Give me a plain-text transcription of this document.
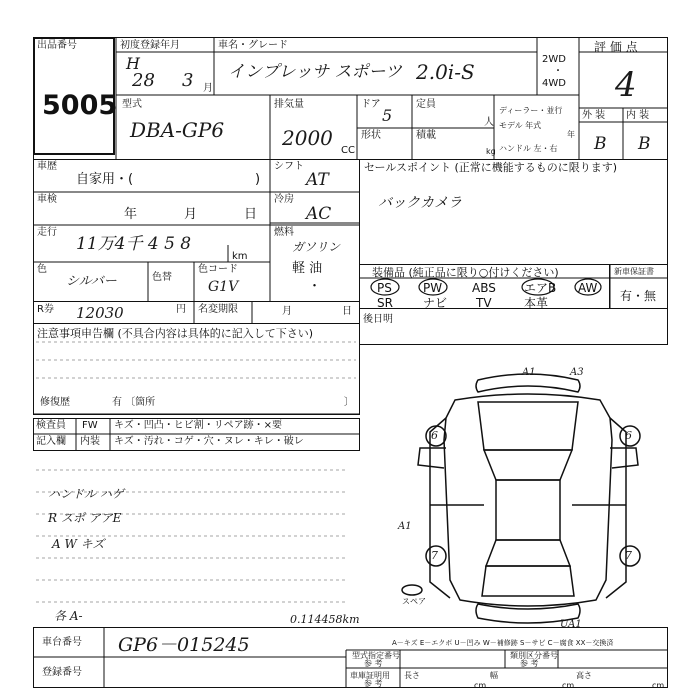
出品番号
5005
初度登録年月
H
28 3 月
車名・グレード
インプレッサ スポーツ 2.0i-S
2WD
・
4WD
評 価 点
4
型式
DBA-GP6
排気量
2000
CC
ドア
5
定員
人
形状	積載
kg
ディーラー・並行
モデル 年式
年
ハンドル 左・右
外 装 内 装
B B
車歴
自家用・(	)
車検
年	月	日
走行
11万4千 4 5 8
km
色
シルバー	色替
色コード
G1V
シフト
AT
冷房
AC
燃料
ガソリン
軽 油
・
セールスポイント (正常に機能するものに限ります)
バックカメラ
装備品 (純正品に限り○付けください)
PS	PW ABS エアB AW
SR	ナビ TV	本革
新車保証書
有・無
R券 12030	円 名変期限	月	日
後日明
注意事項申告欄 (不具合内容は具体的に記入して下さい)
修復歴	有 〔箇所	〕
検査員 FW キズ・凹凸・ヒビ割・リペア跡・×要
記入欄 内装 キズ・汚れ・コゲ・穴・ヌレ・キレ・破レ
ハンドル ハゲ
R スポ アアE
A W キズ
各 A-	0.114458km
A1	A3
A1
6	6
7	7
UA1
スペア
A－キズ E－エクボ U－凹み W－補修跡 S－サビ C－腐食 XX－交換済
車台番号 GP6－015245
登録番号
型式指定番号
参 考
類別区分番号
参 考
車庫証明用
参 考
長さ
cm
幅
cm
高さ
cm
